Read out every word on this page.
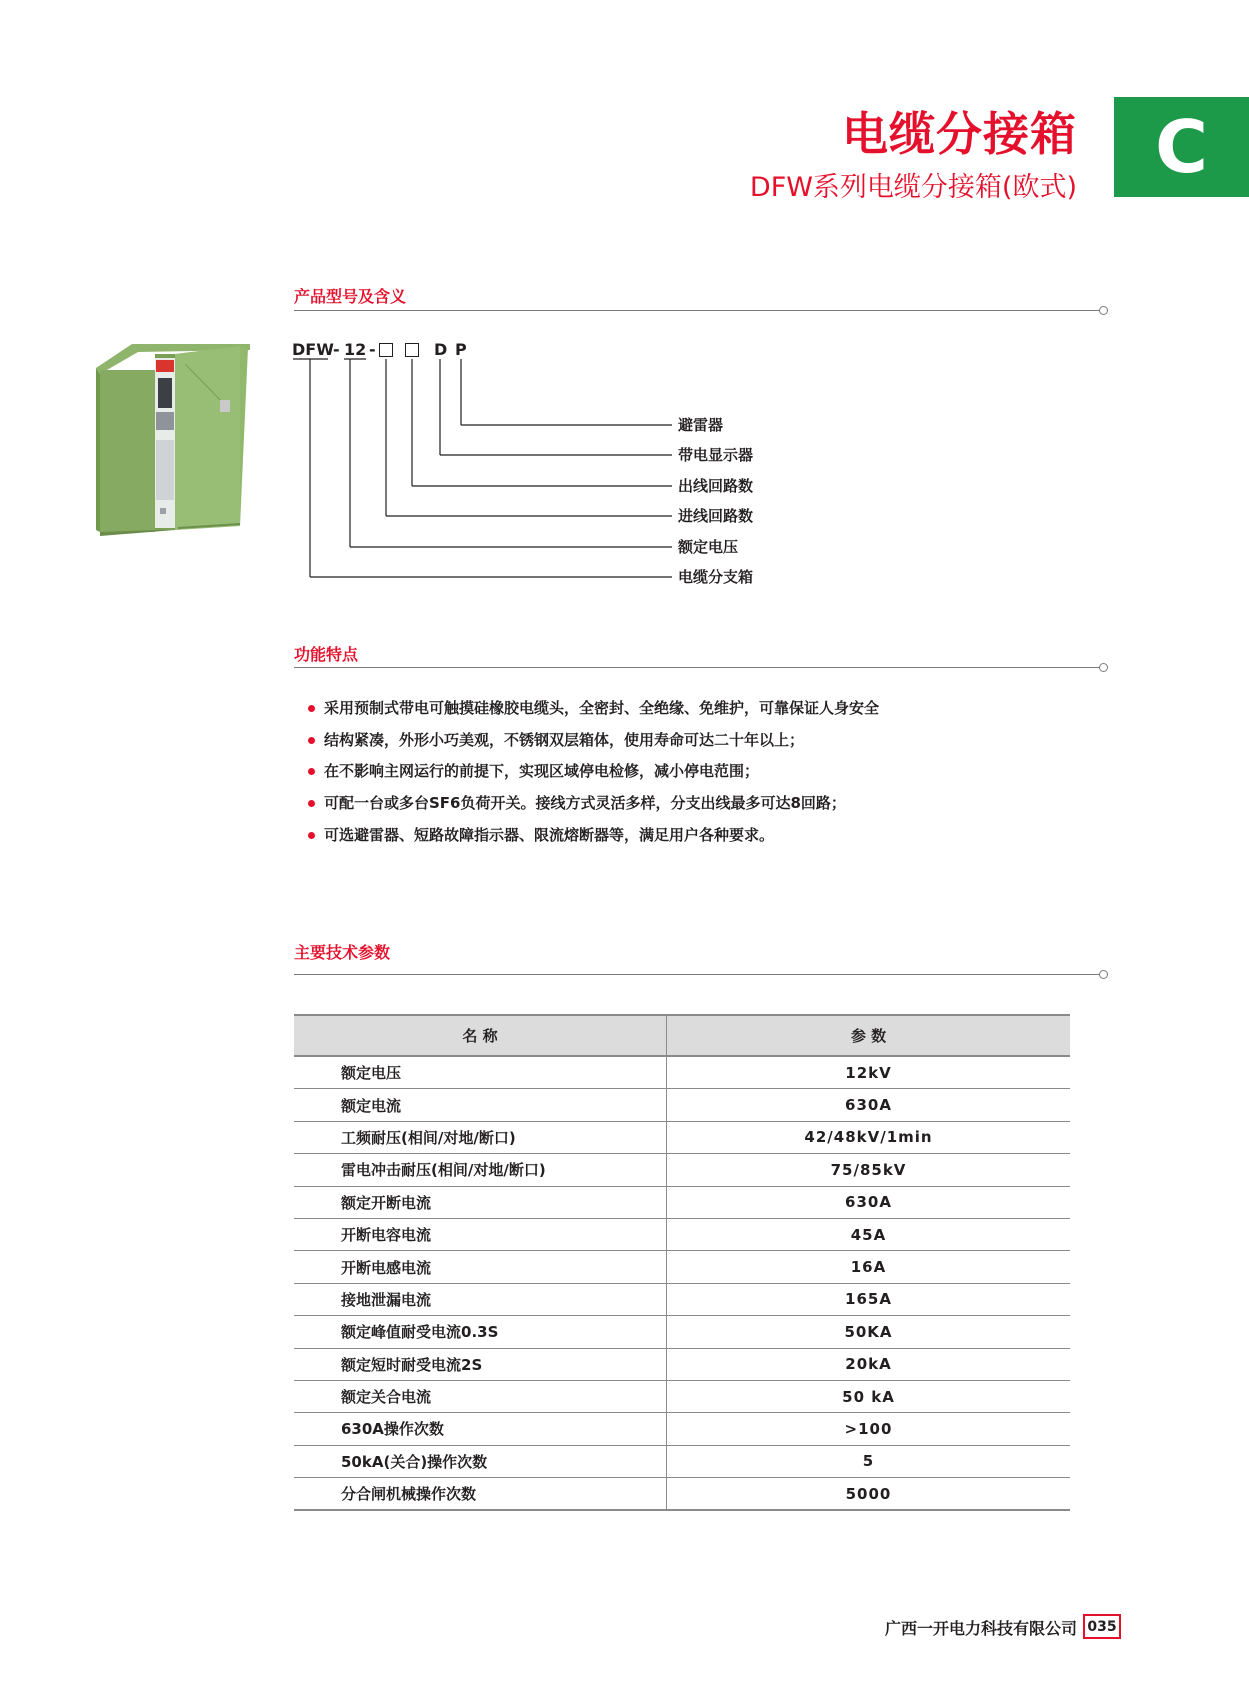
电缆分接箱
DFW系列电缆分接箱(欧式)	C
产品型号及含义
DFW - 12 -	D P
避雷器
带电显示器
出线回路数
进线回路数
额定电压
电缆分支箱
功能特点
采用预制式带电可触摸硅橡胶电缆头，全密封、全绝缘、免维护，可靠保证人身安全
结构紧凑，外形小巧美观，不锈钢双层箱体，使用寿命可达二十年以上；
在不影响主网运行的前提下，实现区域停电检修，减小停电范围；
可配一台或多台SF6负荷开关。接线方式灵活多样，分支出线最多可达8回路；
可选避雷器、短路故障指示器、限流熔断器等，满足用户各种要求。
主要技术参数
名 称	参 数
额定电压	12kV
额定电流	630A
工频耐压(相间/对地/断口)	42/48kV/1min
雷电冲击耐压(相间/对地/断口)	75/85kV
额定开断电流	630A
开断电容电流	45A
开断电感电流	16A
接地泄漏电流	165A
额定峰值耐受电流0.3S	50KA
额定短时耐受电流2S	20kA
额定关合电流	50 kA
630A操作次数	>100
50kA(关合)操作次数	5
分合闸机械操作次数	5000
广西一开电力科技有限公司 035
